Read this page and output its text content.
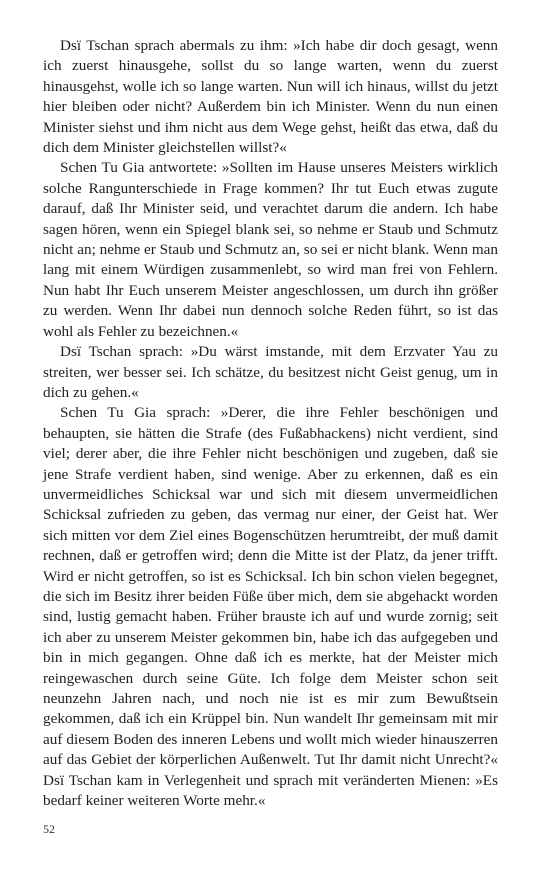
Dsï Tschan sprach abermals zu ihm: »Ich habe dir doch gesagt, wenn ich zuerst hinausgehe, sollst du so lange warten, wenn du zuerst hinausgehst, wolle ich so lange warten. Nun will ich hinaus, willst du jetzt hier bleiben oder nicht? Außerdem bin ich Minister. Wenn du nun einen Minister siehst und ihm nicht aus dem Wege gehst, heißt das etwa, daß du dich dem Minister gleichstellen willst?«

Schen Tu Gia antwortete: »Sollten im Hause unseres Meisters wirklich solche Rangunterschiede in Frage kommen? Ihr tut Euch etwas zugute darauf, daß Ihr Minister seid, und verachtet darum die andern. Ich habe sagen hören, wenn ein Spiegel blank sei, so nehme er Staub und Schmutz nicht an; nehme er Staub und Schmutz an, so sei er nicht blank. Wenn man lang mit einem Würdigen zusammenlebt, so wird man frei von Fehlern. Nun habt Ihr Euch unserem Meister angeschlossen, um durch ihn größer zu werden. Wenn Ihr dabei nun dennoch solche Reden führt, so ist das wohl als Fehler zu bezeichnen.«

Dsï Tschan sprach: »Du wärst imstande, mit dem Erzvater Yau zu streiten, wer besser sei. Ich schätze, du besitzest nicht Geist genug, um in dich zu gehen.«

Schen Tu Gia sprach: »Derer, die ihre Fehler beschönigen und behaupten, sie hätten die Strafe (des Fußabhackens) nicht verdient, sind viel; derer aber, die ihre Fehler nicht beschönigen und zugeben, daß sie jene Strafe verdient haben, sind wenige. Aber zu erkennen, daß es ein unvermeidliches Schicksal war und sich mit diesem unvermeidlichen Schicksal zufrieden zu geben, das vermag nur einer, der Geist hat. Wer sich mitten vor dem Ziel eines Bogenschützen herumtreibt, der muß damit rechnen, daß er getroffen wird; denn die Mitte ist der Platz, da jener trifft. Wird er nicht getroffen, so ist es Schicksal. Ich bin schon vielen begegnet, die sich im Besitz ihrer beiden Füße über mich, dem sie abgehackt worden sind, lustig gemacht haben. Früher brauste ich auf und wurde zornig; seit ich aber zu unserem Meister gekommen bin, habe ich das aufgegeben und bin in mich gegangen. Ohne daß ich es merkte, hat der Meister mich reingewaschen durch seine Güte. Ich folge dem Meister schon seit neunzehn Jahren nach, und noch nie ist es mir zum Bewußtsein gekommen, daß ich ein Krüppel bin. Nun wandelt Ihr gemeinsam mit mir auf diesem Boden des inneren Lebens und wollt mich wieder hinauszerren auf das Gebiet der körperlichen Außenwelt. Tut Ihr damit nicht Unrecht?« Dsï Tschan kam in Verlegenheit und sprach mit veränderten Mienen: »Es bedarf keiner weiteren Worte mehr.«

52
